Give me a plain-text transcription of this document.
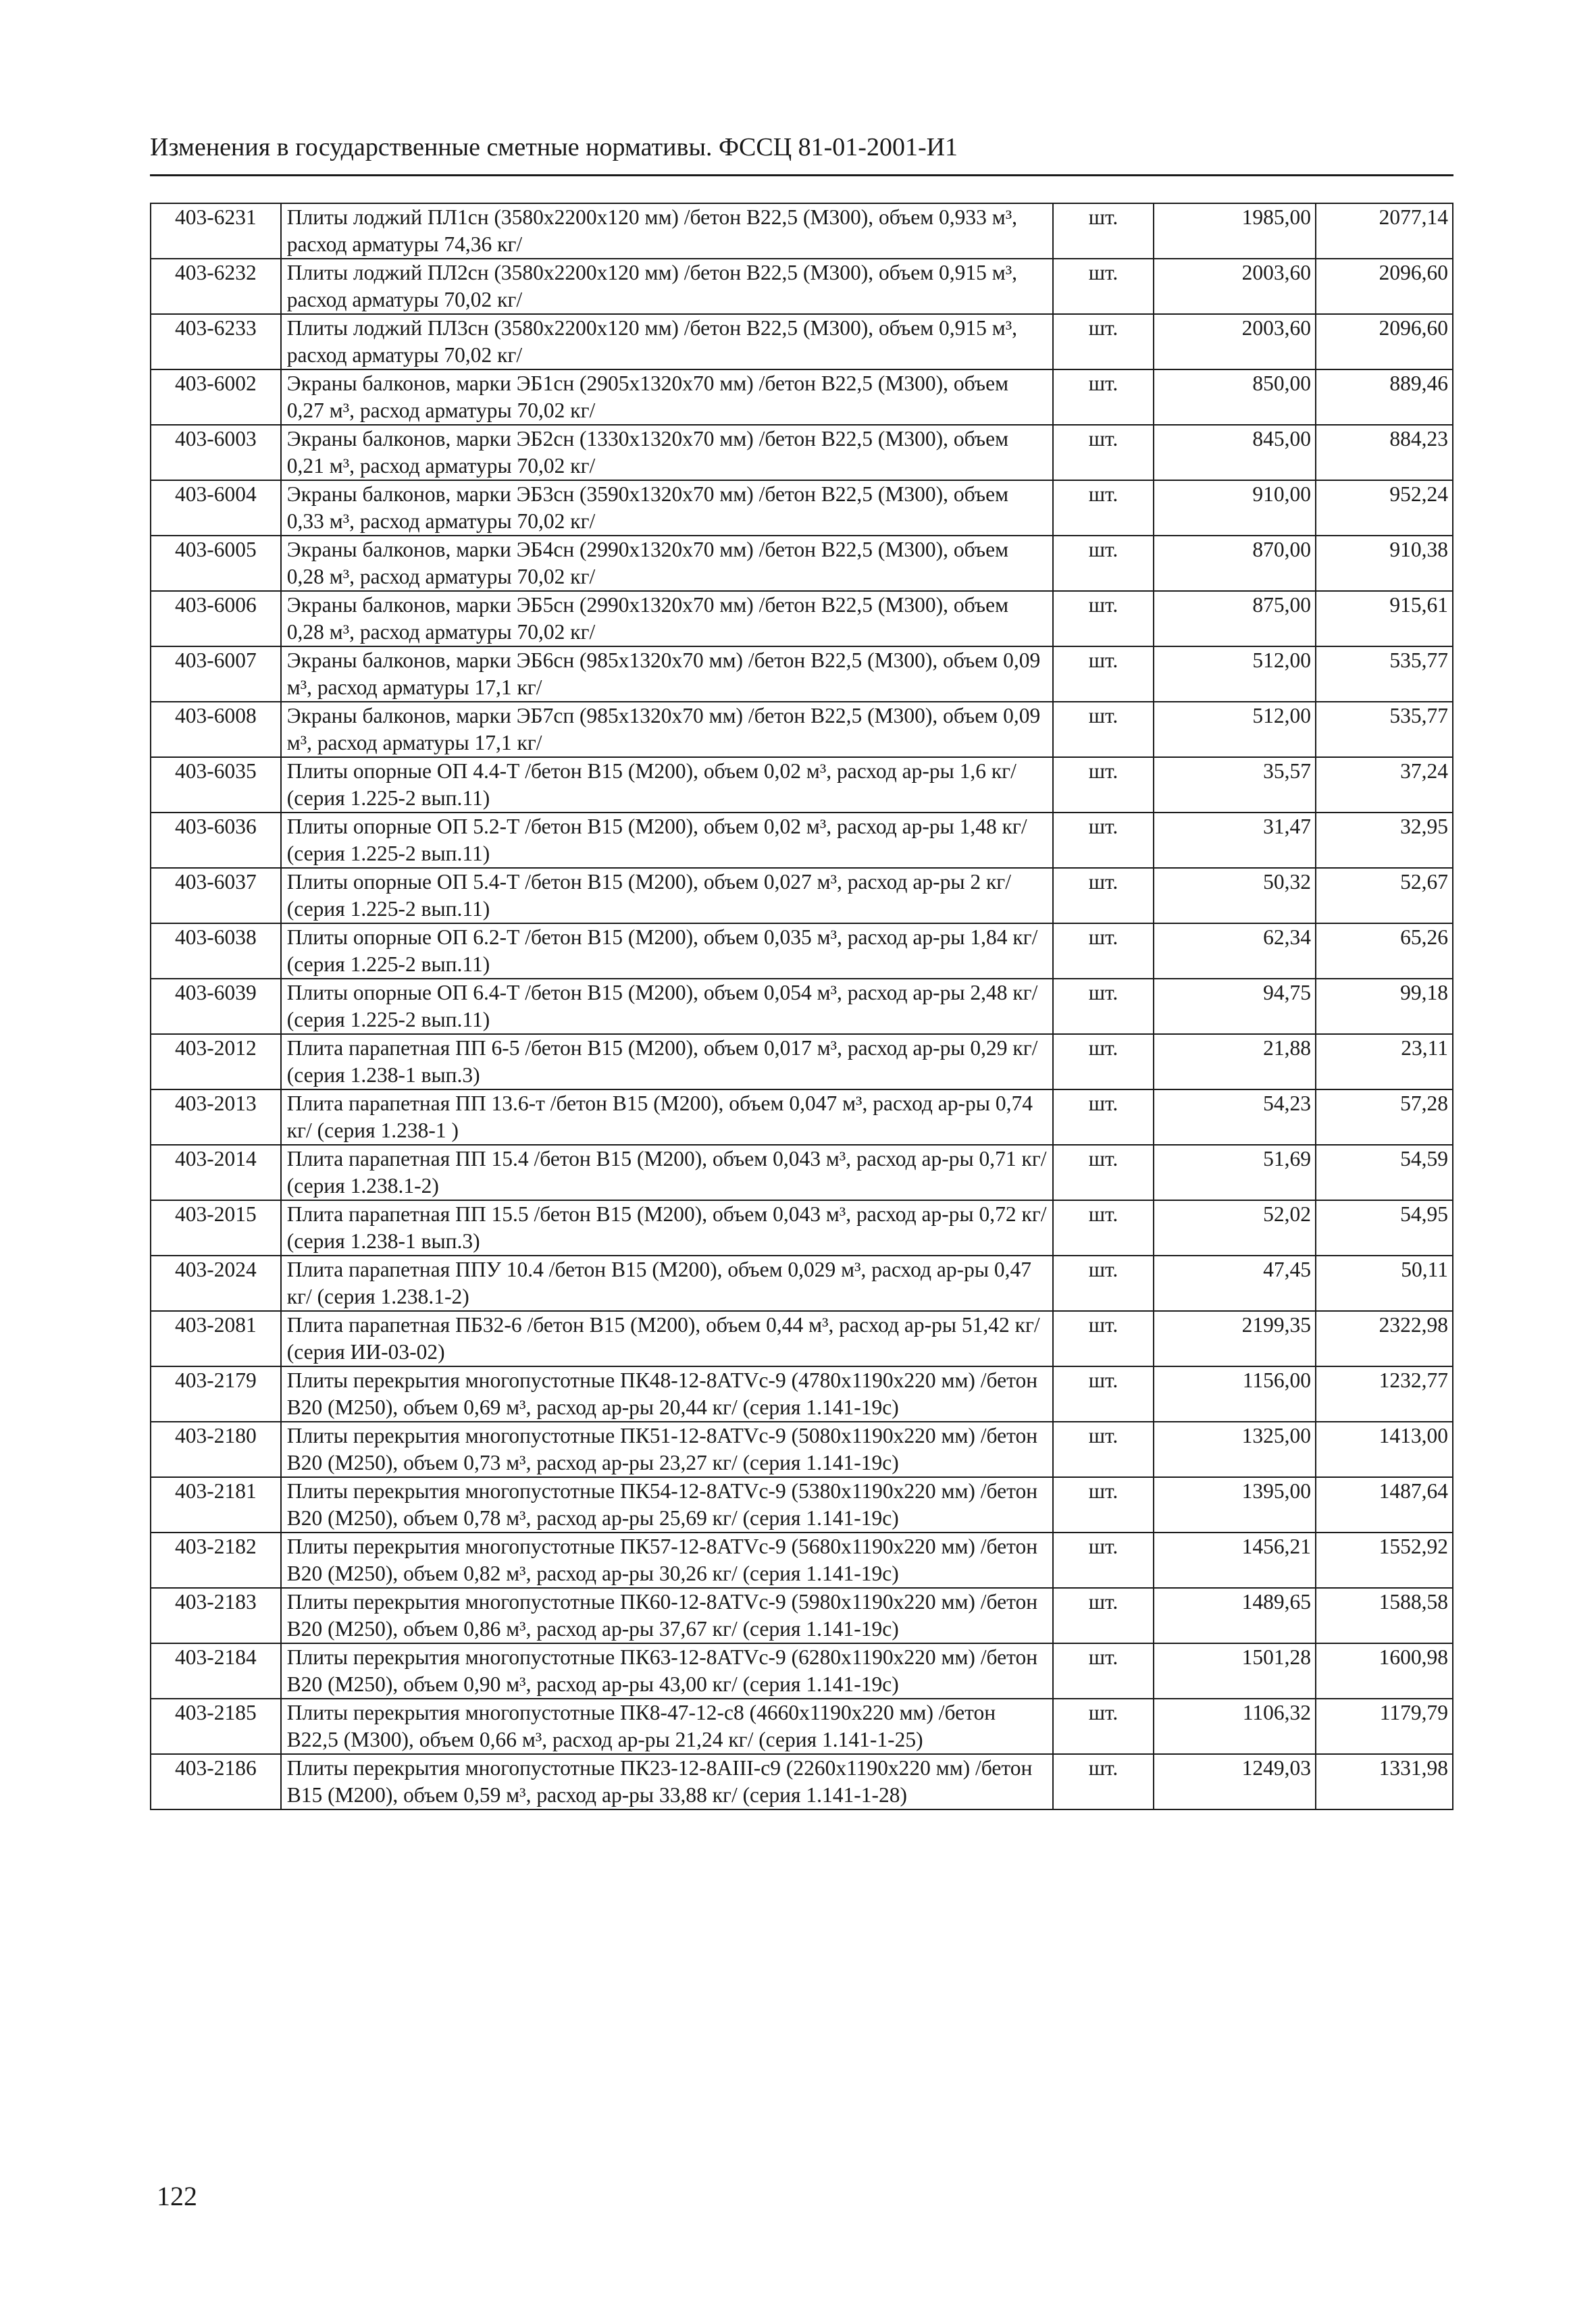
Изменения в государственные сметные нормативы. ФССЦ 81-01-2001-И1
403-6231	Плиты лоджий ПЛ1сн (3580х2200х120 мм) /бетон В22,5 (М300), объем 0,933 м³, расход арматуры 74,36 кг/	шт.	1985,00	2077,14
403-6232	Плиты лоджий ПЛ2сн (3580х2200х120 мм) /бетон В22,5 (М300), объем 0,915 м³, расход арматуры 70,02 кг/	шт.	2003,60	2096,60
403-6233	Плиты лоджий ПЛ3сн (3580х2200х120 мм) /бетон В22,5 (М300), объем 0,915 м³, расход арматуры 70,02 кг/	шт.	2003,60	2096,60
403-6002	Экраны балконов, марки ЭБ1сн (2905х1320х70 мм) /бетон В22,5 (М300), объем 0,27 м³, расход арматуры 70,02 кг/	шт.	850,00	889,46
403-6003	Экраны балконов, марки ЭБ2сн (1330х1320х70 мм) /бетон В22,5 (М300), объем 0,21 м³, расход арматуры 70,02 кг/	шт.	845,00	884,23
403-6004	Экраны балконов, марки ЭБ3сн (3590х1320х70 мм) /бетон В22,5 (М300), объем 0,33 м³, расход арматуры 70,02 кг/	шт.	910,00	952,24
403-6005	Экраны балконов, марки ЭБ4сн (2990х1320х70 мм) /бетон В22,5 (М300), объем 0,28 м³, расход арматуры 70,02 кг/	шт.	870,00	910,38
403-6006	Экраны балконов, марки ЭБ5сн (2990х1320х70 мм) /бетон В22,5 (М300), объем 0,28 м³, расход арматуры 70,02 кг/	шт.	875,00	915,61
403-6007	Экраны балконов, марки ЭБ6сн (985х1320х70 мм) /бетон В22,5 (М300), объем 0,09 м³, расход арматуры 17,1 кг/	шт.	512,00	535,77
403-6008	Экраны балконов, марки ЭБ7сп (985х1320х70 мм) /бетон В22,5 (М300), объем 0,09 м³, расход арматуры 17,1 кг/	шт.	512,00	535,77
403-6035	Плиты опорные ОП 4.4-Т /бетон В15 (М200), объем 0,02 м³, расход ар-ры 1,6 кг/ (серия 1.225-2 вып.11)	шт.	35,57	37,24
403-6036	Плиты опорные ОП 5.2-Т /бетон В15 (М200), объем 0,02 м³, расход ар-ры 1,48 кг/ (серия 1.225-2 вып.11)	шт.	31,47	32,95
403-6037	Плиты опорные ОП 5.4-Т /бетон В15 (М200), объем 0,027 м³, расход ар-ры 2 кг/ (серия 1.225-2 вып.11)	шт.	50,32	52,67
403-6038	Плиты опорные ОП 6.2-Т /бетон В15 (М200), объем 0,035 м³, расход ар-ры 1,84 кг/ (серия 1.225-2 вып.11)	шт.	62,34	65,26
403-6039	Плиты опорные ОП 6.4-Т /бетон В15 (М200), объем 0,054 м³, расход ар-ры 2,48 кг/ (серия 1.225-2 вып.11)	шт.	94,75	99,18
403-2012	Плита парапетная ПП 6-5 /бетон В15 (М200), объем 0,017 м³, расход ар-ры 0,29 кг/ (серия 1.238-1 вып.3)	шт.	21,88	23,11
403-2013	Плита парапетная ПП 13.6-т /бетон В15 (М200), объем 0,047 м³, расход ар-ры 0,74 кг/ (серия 1.238-1 )	шт.	54,23	57,28
403-2014	Плита парапетная ПП 15.4 /бетон В15 (М200), объем 0,043 м³, расход ар-ры 0,71 кг/ (серия 1.238.1-2)	шт.	51,69	54,59
403-2015	Плита парапетная ПП 15.5 /бетон В15 (М200), объем 0,043 м³, расход ар-ры 0,72 кг/ (серия 1.238-1 вып.3)	шт.	52,02	54,95
403-2024	Плита парапетная ППУ 10.4 /бетон В15 (М200), объем 0,029 м³, расход ар-ры 0,47 кг/ (серия 1.238.1-2)	шт.	47,45	50,11
403-2081	Плита парапетная ПБ32-6 /бетон В15 (М200), объем 0,44 м³, расход ар-ры 51,42 кг/ (серия ИИ-03-02)	шт.	2199,35	2322,98
403-2179	Плиты перекрытия многопустотные ПК48-12-8АТVс-9 (4780х1190х220 мм) /бетон В20 (М250), объем 0,69 м³, расход ар-ры 20,44 кг/ (серия 1.141-19с)	шт.	1156,00	1232,77
403-2180	Плиты перекрытия многопустотные ПК51-12-8АТVс-9 (5080х1190х220 мм) /бетон В20 (М250), объем 0,73 м³, расход ар-ры 23,27 кг/ (серия 1.141-19с)	шт.	1325,00	1413,00
403-2181	Плиты перекрытия многопустотные ПК54-12-8АТVс-9 (5380х1190х220 мм) /бетон В20 (М250), объем 0,78 м³, расход ар-ры 25,69 кг/ (серия 1.141-19с)	шт.	1395,00	1487,64
403-2182	Плиты перекрытия многопустотные ПК57-12-8АТVс-9 (5680х1190х220 мм) /бетон В20 (М250), объем 0,82 м³, расход ар-ры 30,26 кг/ (серия 1.141-19с)	шт.	1456,21	1552,92
403-2183	Плиты перекрытия многопустотные ПК60-12-8АТVс-9 (5980х1190х220 мм) /бетон В20 (М250), объем 0,86 м³, расход ар-ры 37,67 кг/ (серия 1.141-19с)	шт.	1489,65	1588,58
403-2184	Плиты перекрытия многопустотные ПК63-12-8АТVс-9 (6280х1190х220 мм) /бетон В20 (М250), объем 0,90 м³, расход ар-ры 43,00 кг/ (серия 1.141-19с)	шт.	1501,28	1600,98
403-2185	Плиты перекрытия многопустотные ПК8-47-12-с8 (4660х1190х220 мм) /бетон В22,5 (М300), объем 0,66 м³, расход ар-ры 21,24 кг/ (серия 1.141-1-25)	шт.	1106,32	1179,79
403-2186	Плиты перекрытия многопустотные ПК23-12-8АIII-с9 (2260х1190х220 мм) /бетон В15 (М200), объем 0,59 м³, расход ар-ры 33,88 кг/ (серия 1.141-1-28)	шт.	1249,03	1331,98
122
